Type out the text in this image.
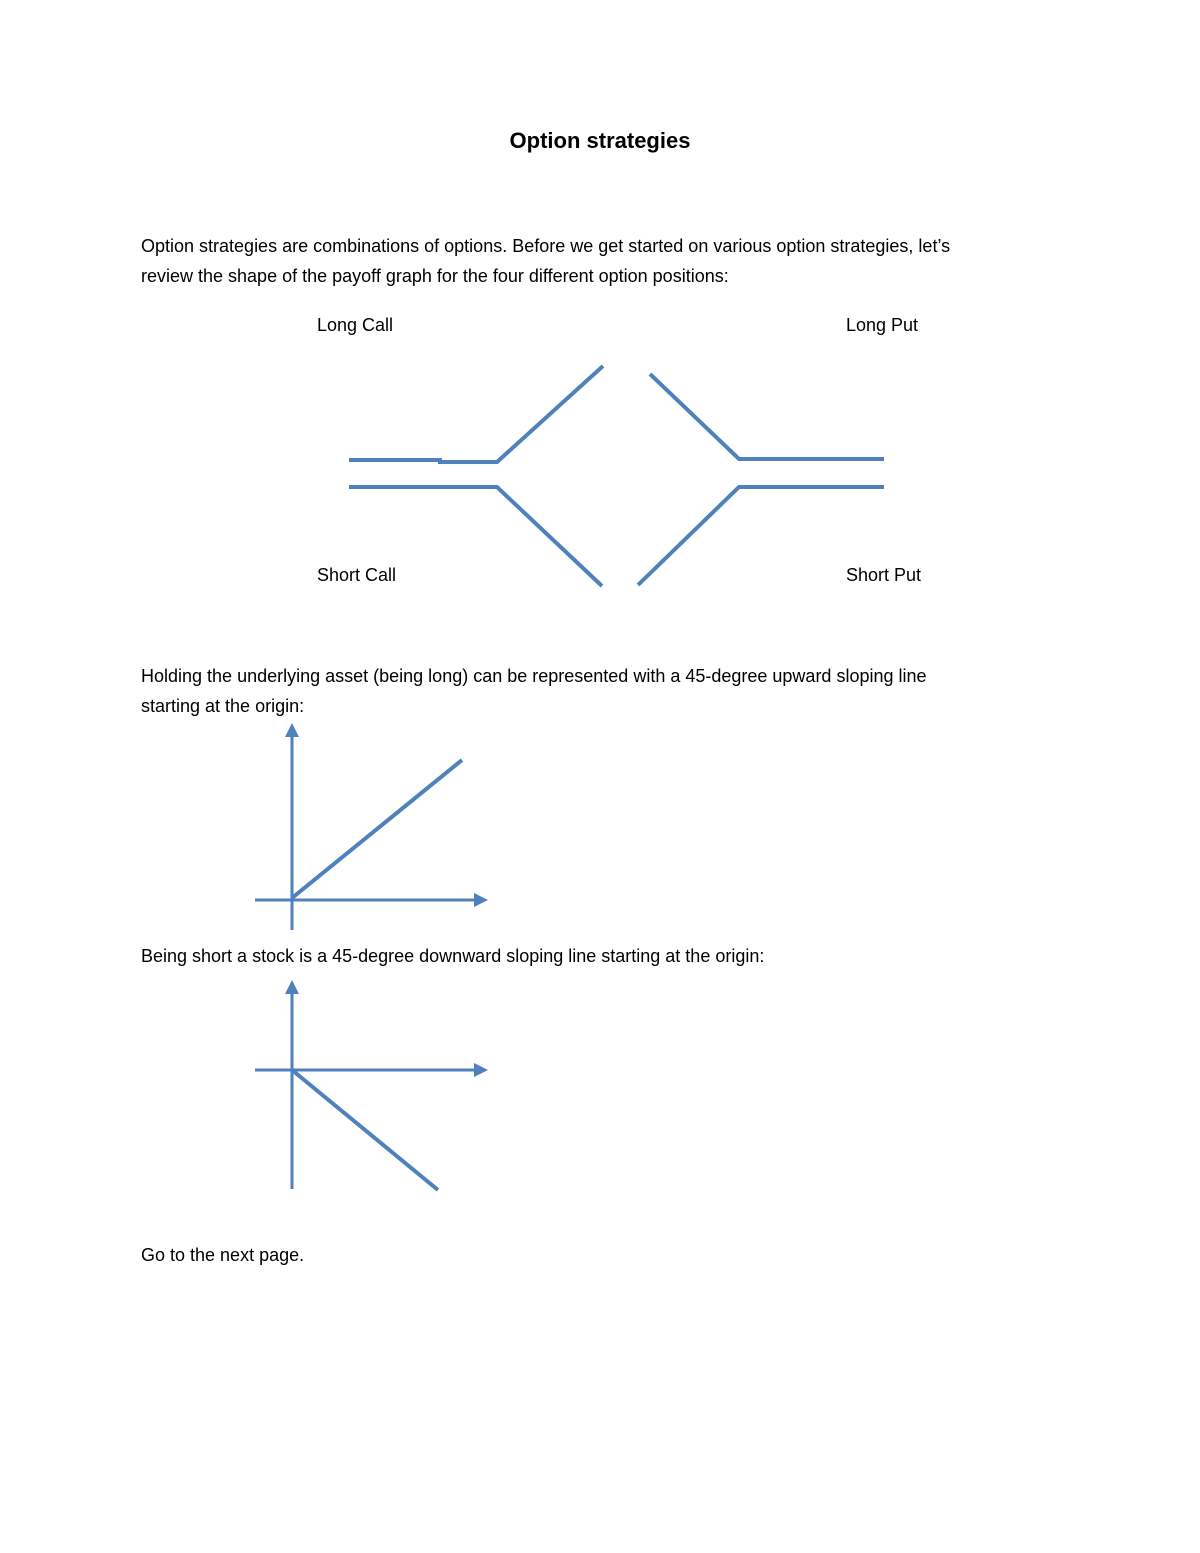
Option strategies
Option strategies are combinations of options. Before we get started on various option strategies, let’s
review the shape of the payoff graph for the four different option positions:
Long Call	Long Put
Short Call	Short Put
Holding the underlying asset (being long) can be represented with a 45-degree upward sloping line
starting at the origin:
Being short a stock is a 45-degree downward sloping line starting at the origin:
Go to the next page.
